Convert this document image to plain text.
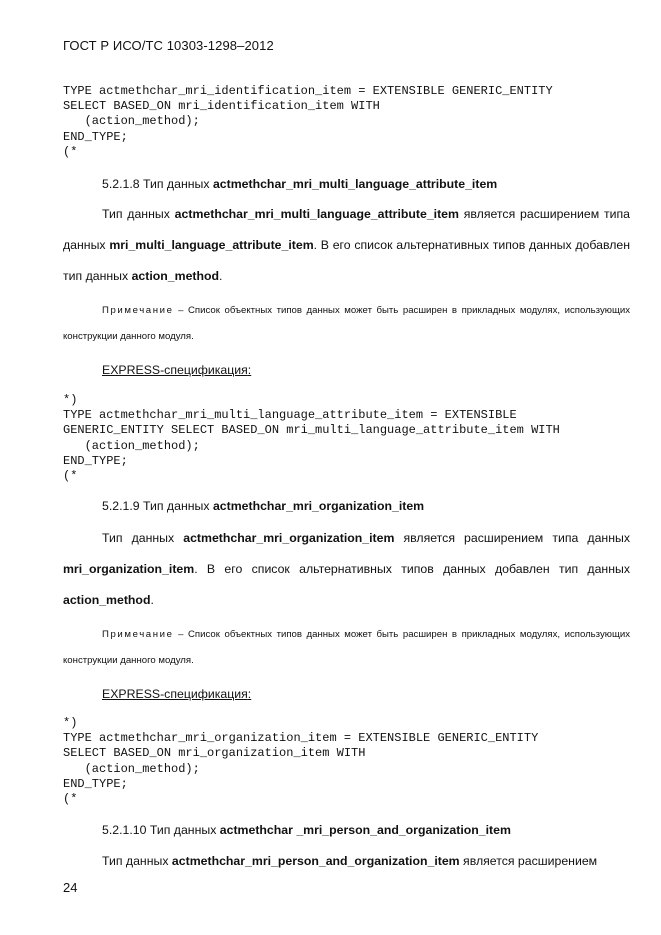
ГОСТ Р ИСО/ТС 10303-1298–2012
TYPE actmethchar_mri_identification_item = EXTENSIBLE GENERIC_ENTITY
SELECT BASED_ON mri_identification_item WITH
(action_method);
END_TYPE;
(*
5.2.1.8 Тип данных actmethchar_mri_multi_language_attribute_item

Тип данных actmethchar_mri_multi_language_attribute_item является расширением типа данных mri_multi_language_attribute_item. В его список альтернативных типов данных добавлен тип данных action_method.

Примечание – Список объектных типов данных может быть расширен в прикладных модулях, использующих конструкции данного модуля.

EXPRESS-спецификация:
*)
TYPE actmethchar_mri_multi_language_attribute_item = EXTENSIBLE
GENERIC_ENTITY SELECT BASED_ON mri_multi_language_attribute_item WITH
(action_method);
END_TYPE;
(*
5.2.1.9 Тип данных actmethchar_mri_organization_item

Тип данных actmethchar_mri_organization_item является расширением типа данных mri_organization_item. В его список альтернативных типов данных добавлен тип данных action_method.

Примечание – Список объектных типов данных может быть расширен в прикладных модулях, использующих конструкции данного модуля.

EXPRESS-спецификация:
*)
TYPE actmethchar_mri_organization_item = EXTENSIBLE GENERIC_ENTITY
SELECT BASED_ON mri_organization_item WITH
(action_method);
END_TYPE;
(*
5.2.1.10 Тип данных actmethchar _mri_person_and_organization_item

Тип данных actmethchar_mri_person_and_organization_item является расширением

24
